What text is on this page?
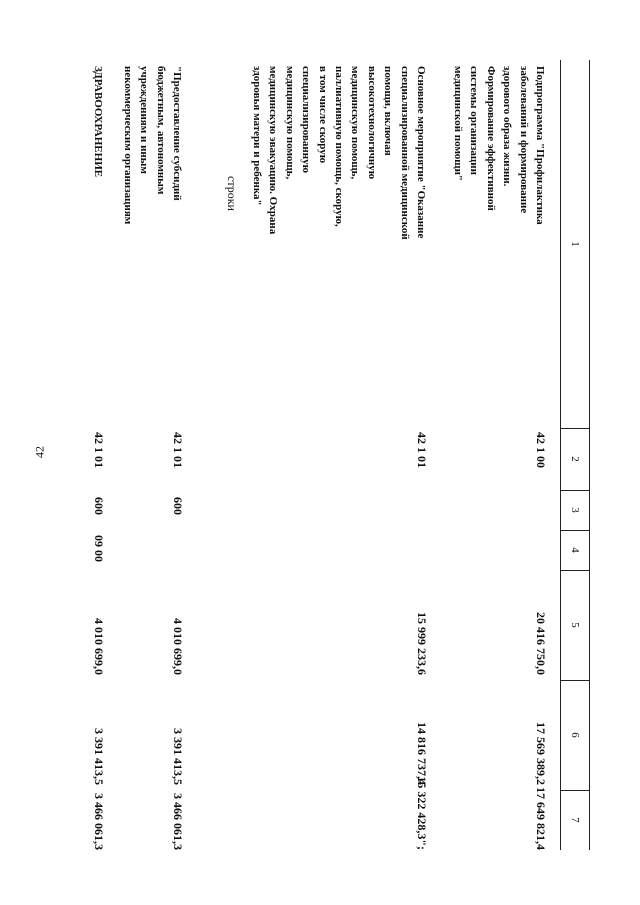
42
1
2
3
4
5
6
7
Подпрограмма "Профилактика
заболеваний и формирование
здорового образа жизни.
Формирование эффективной
системы организации
медицинской помощи"
42 1 00
20 416 750,0
17 569 389,2
17 649 821,4
Основное мероприятие "Оказание
специализированной медицинской
помощи, включая
высокотехнологичную
медицинскую помощь,
паллиативную помощь, скорую,
в том числе скорую
специализированную
медицинскую помощь,
медицинскую эвакуацию. Охрана
здоровья матери и ребенка"
42 1 01
15 999 233,6
14 816 737,4
15 322 428,3";
строки
"Предоставление субсидий
бюджетным, автономным
учреждениям и иным
некоммерческим организациям
42 1 01
600
4 010 699,0
3 391 413,5
3 466 061,3
ЗДРАВООХРАНЕНИЕ
42 1 01
600
09 00
4 010 699,0
3 391 413,5
3 466 061,3
